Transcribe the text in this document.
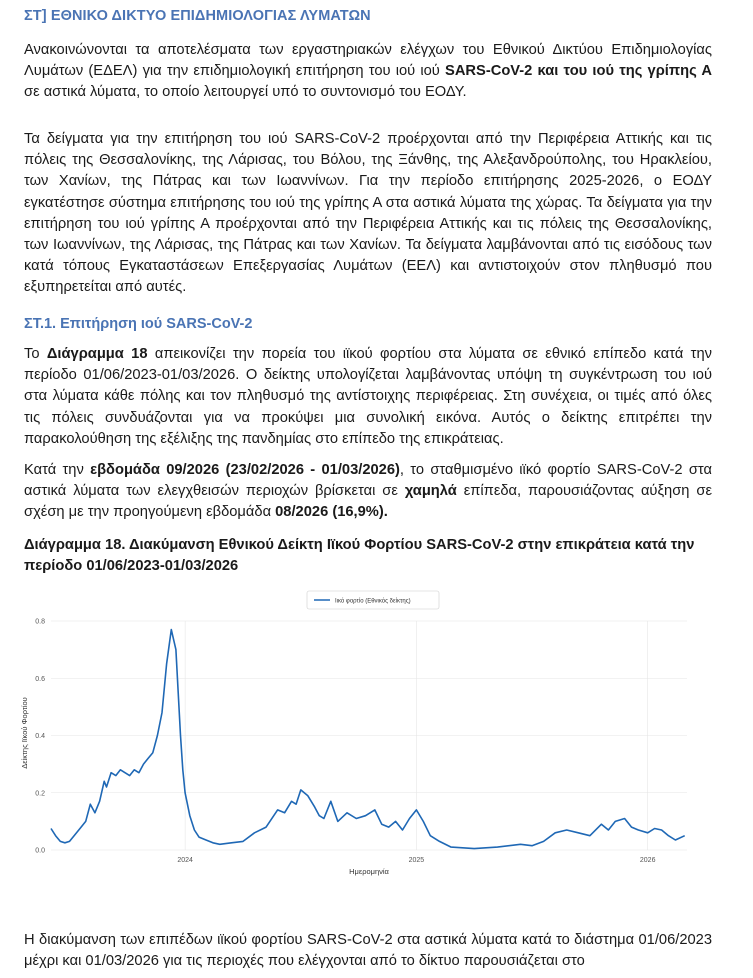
ΣΤ] ΕΘΝΙΚΟ ΔΙΚΤΥΟ ΕΠΙΔΗΜΙΟΛΟΓΙΑΣ ΛΥΜΑΤΩΝ

Ανακοινώνονται τα αποτελέσματα των εργαστηριακών ελέγχων του Εθνικού Δικτύου Επιδημιολογίας Λυμάτων (ΕΔΕΛ) για την επιδημιολογική επιτήρηση του ιού ιού SARS-CoV-2 και του ιού της γρίπης Α σε αστικά λύματα, το οποίο λειτουργεί υπό το συντονισμό του ΕΟΔΥ.

Τα δείγματα για την επιτήρηση του ιού SARS-CoV-2 προέρχονται από την Περιφέρεια Αττικής και τις πόλεις της Θεσσαλονίκης, της Λάρισας, του Βόλου, της Ξάνθης, της Αλεξανδρούπολης, του Ηρακλείου, των Χανίων, της Πάτρας και των Ιωαννίνων. Για την περίοδο επιτήρησης 2025-2026, ο ΕΟΔΥ εγκατέστησε σύστημα επιτήρησης του ιού της γρίπης Α στα αστικά λύματα της χώρας. Τα δείγματα για την επιτήρηση του ιού γρίπης Α προέρχονται από την Περιφέρεια Αττικής και τις πόλεις της Θεσσαλονίκης, των Ιωαννίνων, της Λάρισας, της Πάτρας και των Χανίων. Τα δείγματα λαμβάνονται από τις εισόδους των κατά τόπους Εγκαταστάσεων Επεξεργασίας Λυμάτων (ΕΕΛ) και αντιστοιχούν στον πληθυσμό που εξυπηρετείται από αυτές.

ΣΤ.1. Επιτήρηση ιού SARS-CoV-2

Το Διάγραμμα 18 απεικονίζει την πορεία του ιϊκού φορτίου στα λύματα σε εθνικό επίπεδο κατά την περίοδο 01/06/2023-01/03/2026. Ο δείκτης υπολογίζεται λαμβάνοντας υπόψη τη συγκέντρωση του ιού στα λύματα κάθε πόλης και τον πληθυσμό της αντίστοιχης περιφέρειας. Στη συνέχεια, οι τιμές από όλες τις πόλεις συνδυάζονται για να προκύψει μια συνολική εικόνα. Αυτός ο δείκτης επιτρέπει την παρακολούθηση της εξέλιξης της πανδημίας στο επίπεδο της επικράτειας.

Κατά την εβδομάδα 09/2026 (23/02/2026 - 01/03/2026), το σταθμισμένο ιϊκό φορτίο SARS-CoV-2 στα αστικά λύματα των ελεγχθεισών περιοχών βρίσκεται σε χαμηλά επίπεδα, παρουσιάζοντας αύξηση σε σχέση με την προηγούμενη εβδομάδα 08/2026 (16,9%).

Διάγραμμα 18. Διακύμανση Εθνικού Δείκτη Ιϊκού Φορτίου SARS-CoV-2 στην επικράτεια κατά την περίοδο 01/06/2023-01/03/2026

Η διακύμανση των επιπέδων ιϊκού φορτίου SARS-CoV-2 στα αστικά λύματα κατά το διάστημα 01/06/2023 μέχρι και 01/03/2026 για τις περιοχές που ελέγχονται από το δίκτυο παρουσιάζεται στο

Ιικό φορτίο (Εθνικός δείκτης)
0.0
0.2
0.4
0.6
0.8
2024	2025	2026
Ημερομηνία
Δείκτης Ιϊκού Φορτίου
